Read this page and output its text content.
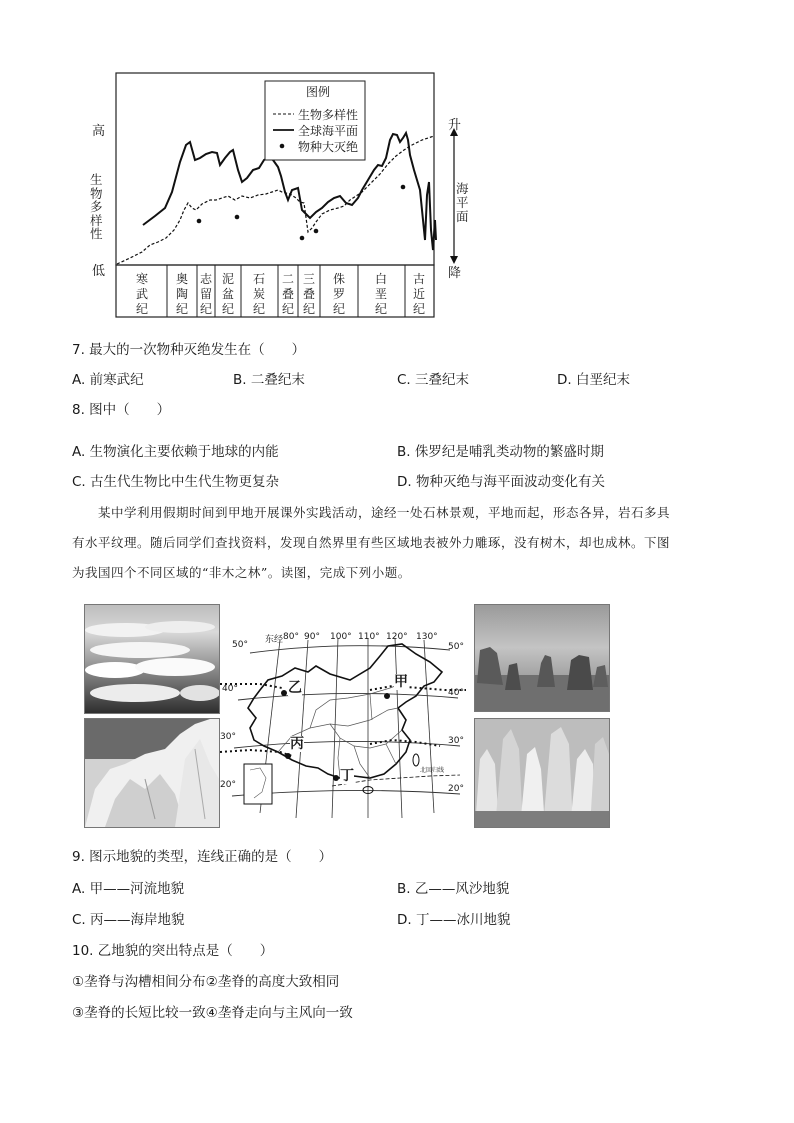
图例
生物多样性
全球海平面
物种大灭绝
高
低
生物多样性
升
降
海平面
寒武纪
奥陶纪
志留纪
泥盆纪
石炭纪
二叠纪
三叠纪
侏罗纪
白垩纪
古近纪
7. 最大的一次物种灭绝发生在（　　）
A. 前寒武纪	B. 二叠纪末	C. 三叠纪末	D. 白垩纪末
8. 图中（　　）
A. 生物演化主要依赖于地球的内能	B. 侏罗纪是哺乳类动物的繁盛时期
C. 古生代生物比中生代生物更复杂	D. 物种灭绝与海平面波动变化有关

某中学利用假期时间到甲地开展课外实践活动，途经一处石林景观，平地而起，形态各异，岩石多具

有水平纹理。随后同学们查找资料，发现自然界里有些区域地表被外力雕琢，没有树木，却也成林。下图

为我国四个不同区域的“非木之林”。读图，完成下列小题。

东经 80° 90° 100° 110° 120° 130°
50°
40°
30°
20°
50°
40°
30°
20°
甲
乙
丙
丁	北回归线
9. 图示地貌的类型，连线正确的是（　　）
A. 甲——河流地貌	B. 乙——风沙地貌
C. 丙——海岸地貌	D. 丁——冰川地貌
10. 乙地貌的突出特点是（　　）
①垄脊与沟槽相间分布②垄脊的高度大致相同
③垄脊的长短比较一致④垄脊走向与主风向一致
